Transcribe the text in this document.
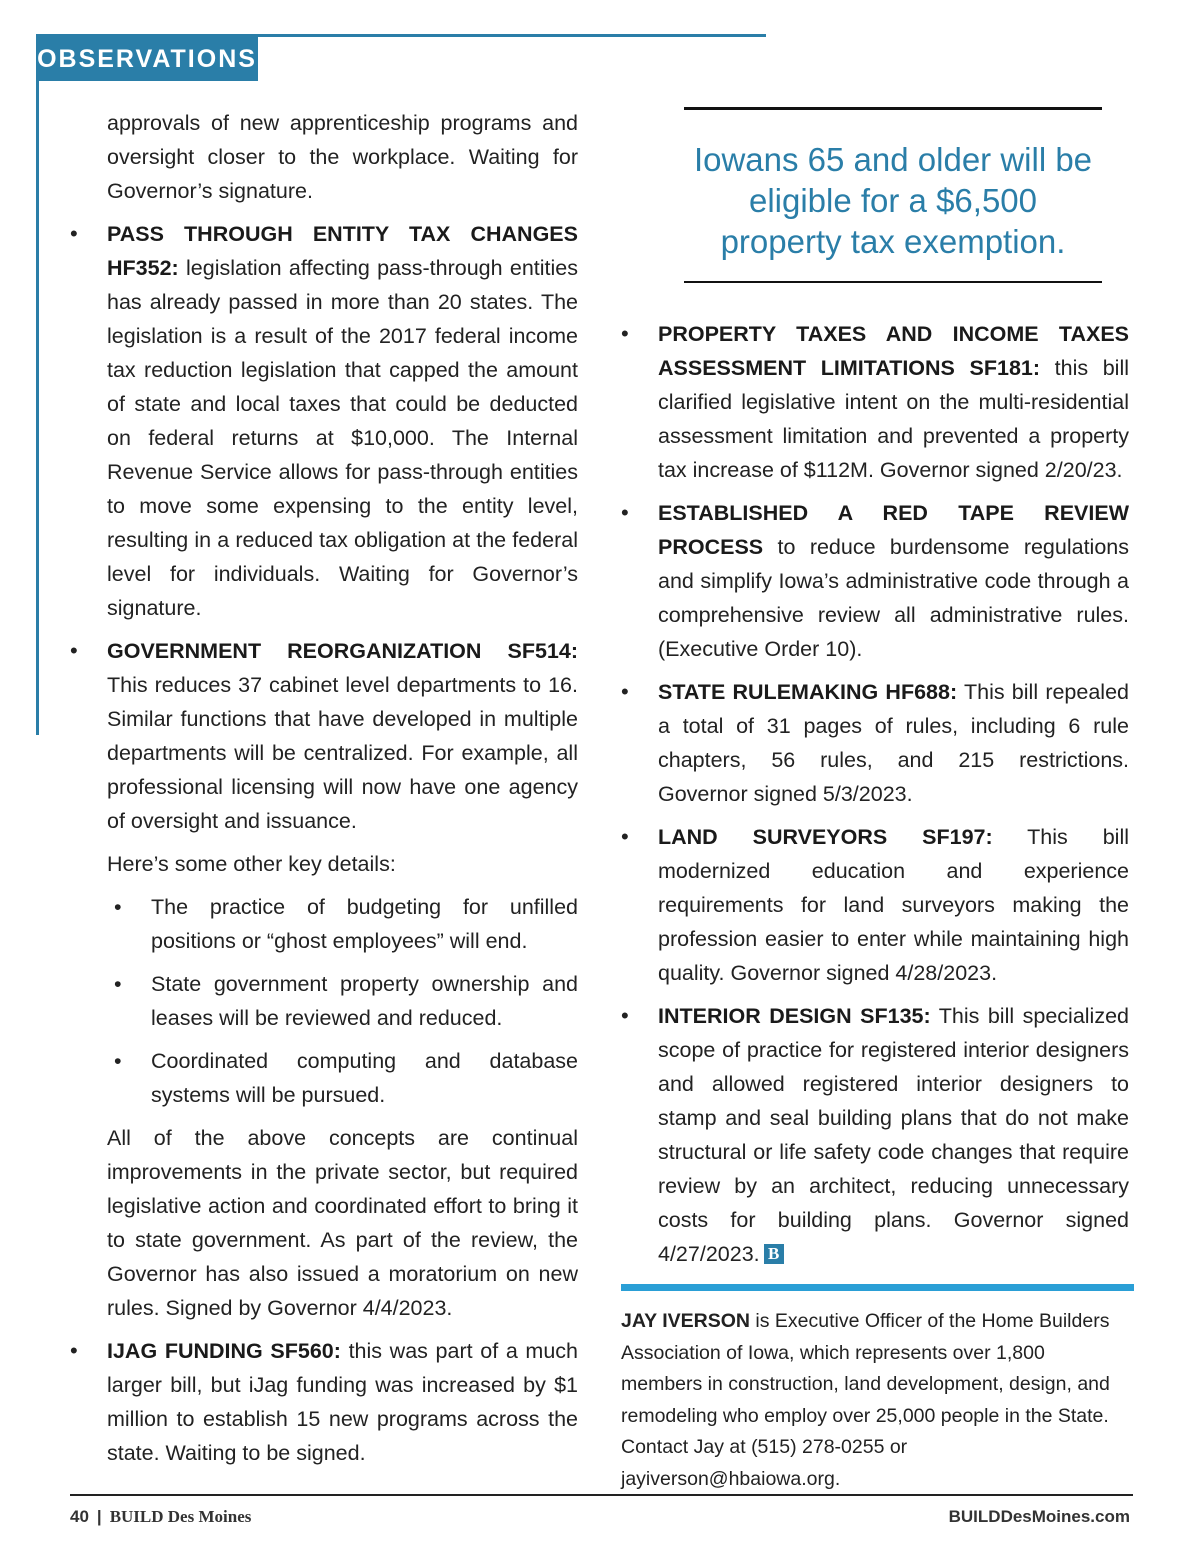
OBSERVATIONS

approvals of new apprenticeship programs and oversight closer to the workplace. Waiting for Governor’s signature.

• PASS THROUGH ENTITY TAX CHANGES HF352: legislation affecting pass-through entities has already passed in more than 20 states. The legislation is a result of the 2017 federal income tax reduction legislation that capped the amount of state and local taxes that could be deducted on federal returns at $10,000. The Internal Revenue Service allows for pass-through entities to move some expensing to the entity level, resulting in a reduced tax obligation at the federal level for individuals. Waiting for Governor’s signature.
• GOVERNMENT REORGANIZATION SF514: This reduces 37 cabinet level departments to 16. Similar functions that have developed in multiple departments will be centralized. For example, all professional licensing will now have one agency of oversight and issuance.

Here’s some other key details:

• The practice of budgeting for unfilled positions or “ghost employees” will end.
• State government property ownership and leases will be reviewed and reduced.
• Coordinated computing and database systems will be pursued.

All of the above concepts are continual improvements in the private sector, but required legislative action and coordinated effort to bring it to state government. As part of the review, the Governor has also issued a moratorium on new rules. Signed by Governor 4/4/2023.

• IJAG FUNDING SF560: this was part of a much larger bill, but iJag funding was increased by $1 million to establish 15 new programs across the state. Waiting to be signed.
Iowans 65 and older will be eligible for a $6,500 property tax exemption.
• PROPERTY TAXES AND INCOME TAXES ASSESSMENT LIMITATIONS SF181: this bill clarified legislative intent on the multi-residential assessment limitation and prevented a property tax increase of $112M. Governor signed 2/20/23.
• ESTABLISHED A RED TAPE REVIEW PROCESS to reduce burdensome regulations and simplify Iowa’s administrative code through a comprehensive review all administrative rules. (Executive Order 10).
• STATE RULEMAKING HF688: This bill repealed a total of 31 pages of rules, including 6 rule chapters, 56 rules, and 215 restrictions. Governor signed 5/3/2023.
• LAND SURVEYORS SF197: This bill modernized education and experience requirements for land surveyors making the profession easier to enter while maintaining high quality. Governor signed 4/28/2023.
• INTERIOR DESIGN SF135: This bill specialized scope of practice for registered interior designers and allowed registered interior designers to stamp and seal building plans that do not make structural or life safety code changes that require review by an architect, reducing unnecessary costs for building plans. Governor signed 4/27/2023. B
JAY IVERSON is Executive Officer of the Home Builders Association of Iowa, which represents over 1,800 members in construction, land development, design, and remodeling who employ over 25,000 people in the State. Contact Jay at (515) 278-0255 or jayiverson@hbaiowa.org.
40 | BUILD Des Moines	BUILDDesMoines.com
